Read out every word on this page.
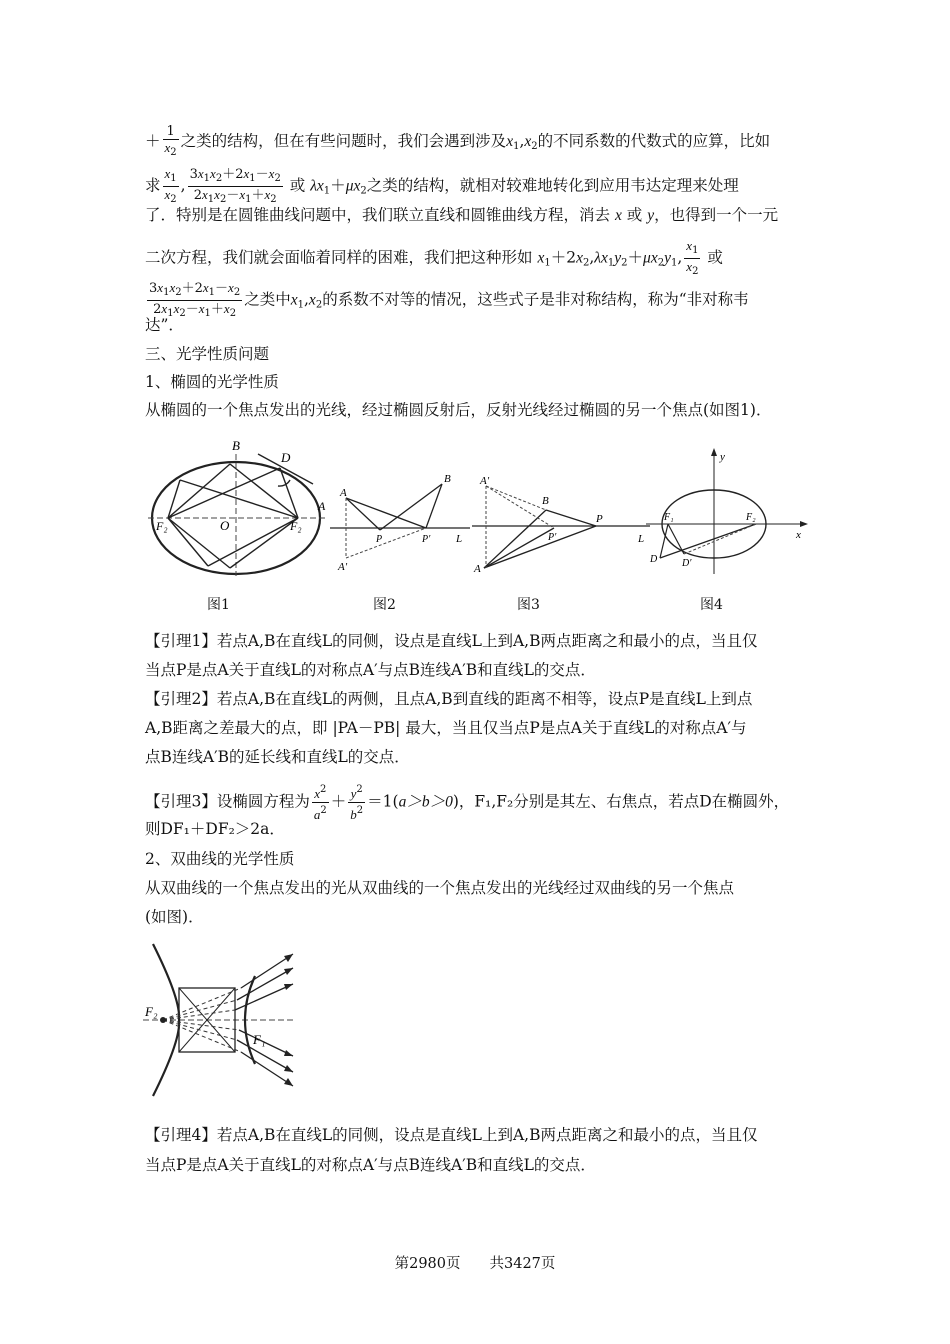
＋ $\frac{1}{x_2}$ 之类的结构，但在有些问题时，我们会遇到涉及$x_1,x_2$的不同系数的代数式的应算，比如
求 $\frac{x_1}{x_2}$ , $\frac{3x_1x_2+2x_1-x_2}{2x_1x_2-x_1+x_2}$ 或 $\lambda x_1+\mu x_2$之类的结构，就相对较难地转化到应用韦达定理来处理
了．特别是在圆锥曲线问题中，我们联立直线和圆锥曲线方程，消去 x 或 y，也得到一个一元
二次方程，我们就会面临着同样的困难，我们把这种形如 $x_1+2x_2,\lambda x_1y_2+\mu x_2y_1$, $\frac{x_1}{x_2}$ 或
$\frac{3x_1x_2+2x_1-x_2}{2x_1x_2-x_1+x_2}$ 之类中$x_1,x_2$的系数不对等的情况，这些式子是非对称结构，称为“非对称韦
达”．
三、光学性质问题
1、椭圆的光学性质
从椭圆的一个焦点发出的光线，经过椭圆反射后，反射光线经过椭圆的另一个焦点(如图1)．
B
D
F₂	O	F₂
A
A
B
P	P′ L
A′
A′
B
P
P′	L
A
y
F₁	F₂
x
D D′
图1	图2	图3	图4
【引理1】若点A,B在直线L的同侧，设点是直线L上到A,B两点距离之和最小的点，当且仅
当点P是点A关于直线L的对称点A′与点B连线A′B和直线L的交点．
【引理2】若点A,B在直线L的两侧，且点A,B到直线的距离不相等，设点P是直线L上到点
A,B距离之差最大的点，即 |PA－PB| 最大，当且仅当点P是点A关于直线L的对称点A′与
点B连线A′B的延长线和直线L的交点．
【引理3】设椭圆方程为 $\frac{x^2}{a^2} + \frac{y^2}{b^2} =1(a>b>0)$，F₁,F₂分别是其左、右焦点，若点D在椭圆外，
则DF₁＋DF₂＞2a．
2、双曲线的光学性质
从双曲线的一个焦点发出的光从双曲线的一个焦点发出的光线经过双曲线的另一个焦点
(如图)．
F₂
F₁
【引理4】若点A,B在直线L的同侧，设点是直线L上到A,B两点距离之和最小的点，当且仅
当点P是点A关于直线L的对称点A′与点B连线A′B和直线L的交点．
第2980页　　共3427页
